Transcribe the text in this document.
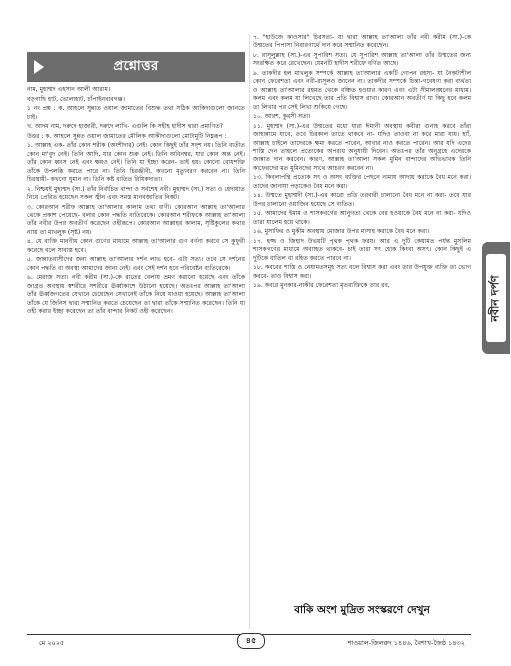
প্রশ্নোত্তর

নাম, মুহাম্মদ এহসান আলী আরাম।

বড়গাছি হাট, ভোলাহাট, চাঁপাইনবাবগঞ্জ।

১ নং প্রশ্ন : ক. আহলে সুন্নাত ওয়াল জামাতের বিশুদ্ধ তথা সঠিক আকিদাগুলো জানতে চাই।

খ. আদম নাম, দরুদে হাজারী, দরুদে লাখি- এগুলি কি সহীহ হাদীস দ্বারা প্রমাণিত?

উত্তর : ক. আহলে সুন্নত ওয়াল জামাতের মৌলিক আকীদাগুলো মোটামুটি নিম্নরূপ :

১. আল্লাহ এক- তাঁর কোন শরীক (অংশীদার) নেই। কোন কিছুই তাঁর সদৃশ নয়। তিনি ব্যতীত কোন মা'বুদ নেই। তিনি আদি, যার কোন শুরু নেই। তিনি অবিনশ্বর, যার কোন অন্ত নেই। তাঁর কোন ধ্বংস নেই এবং ক্ষয়ও নেই। তিনি যা ইচ্ছা করেন- তাই হয়। কোনো বোধশক্তি তাঁকে উপলব্ধি করতে পারে না। তিনি চিরঞ্জীবী, কখনো মৃত্যুবরণ করবেন না। তিনি চিরস্থায়ী- কখনো ঘুমান না। তিনি কষ্ট ব্যতিত রিযিকদাতা।

২. নিশ্চয়ই মুহাম্মদ (সা.) তাঁর নির্বাচিত বান্দা ও সর্বশেষ নবী। মুহাম্মদ (সা.) সত্য ও হেদায়াত নিয়ে প্রেরিত হয়েছেন সকল জ্বীন এবং সমস্ত মানবজাতির নিকট।

৩. কোরআন শরীফ আল্লাহ তা'আলার কালাম তথা বাণী। কোরআন আল্লাহ তা'আলার থেকে প্রকাশ পেয়েছে- বলার কোন পদ্ধতি ব্যতিরেকে। কোরআন শরীফকে আল্লাহ তা'আলা তাঁর নবীর উপর অবতীর্ণ করেছেন ওহীরূপে। কোরআন আল্লাহর কালাম, সৃষ্টিকুলের কথার ন্যায় তা মাখলুক (সৃষ্ট) নয়।

৪. যে ব্যক্তি মানবীয় কোন গুণের মাধ্যমে আল্লাহ তা'আলার গুণ বর্ণনা করবে সে কুফুরী করেছে বলে সাব্যস্ত হবে।

৫. জান্নাতবাসীদের জন্য আল্লাহ তা'আলার দর্শন লাভ হবে- এটা সত্য। তবে সে দর্শনের কোন পদ্ধতি বা অবস্থা আমাদের জানা নেই। এবং সেই দর্শন হবে পরিবেষ্টন ব্যতিরেকে।

৬. মেরাজ সত্য। নবী করীম (সা.)-কে রাতের বেলায় ভ্রমণ করানো হয়েছে এবং তাঁকে জাগ্রত অবস্থায় স্বশরীরে সশরীরে ঊর্ধ্বাকাশে উঠানো হয়েছে। অতঃপর আল্লাহ তা'আলা তাঁর ঊর্ধ্বজগতের যেখানে চেয়েছেন সেখানেই তাঁকে নিয়ে যাওয়া হয়েছে। আল্লাহ তা'আলা তাঁকে যে জিনিস দ্বারা সম্মানিত করতে চেয়েছেন তা দ্বারা তাঁকে সম্মানিত করেছেন। তিনি যা ওহী করার ইচ্ছা করেছেন তা তাঁর বান্দার নিকট ওহী করেছেন।

৭. "হাউজে কাওসার" চিরসত্য- যা দ্বারা আল্লাহ তা'আলা তাঁর নবী করীম (সা.)-কে উম্মতের পিপাসা নিবারণার্থে দান করে সম্মানিত করেছেন।

৮. রাসূলুল্লাহ (সা.)-এর সুপারিশ সত্য। যে সুপারিশ আল্লাহ তা'আলা তাঁর উম্মতের জন্য সংরক্ষিত করে রেখেছেন। যেমনটি হাদীস শরীফে বর্ণিত আছে।

৯. তাকদীর হল মাখলুক সম্পর্কে আল্লাহ তা'আলার একটি গোপন রহস্য- যা নৈকট্যশীল কোন ফেরেশতা এবং নবী-রাসূলও জানেন না। তাকদীর সম্পর্কে চিন্তা-গবেষণা করা ব্যর্থতা ও আল্লাহ তা'আলার রহমত থেকে বঞ্চিত হওয়ার কারণ এবং এটা সীমালঙ্ঘনের মাধ্যম। কলম এবং কলম যা লিখেছে তার প্রতি বিশ্বাস রাখা। কোরআন অবতীর্ণ যা কিছু হবে কলম তা লিখার পর সেই লিখা শুকিয়ে গেছে।

১০. আরশ, কুরসী সত্য।

১১. মুহাম্মদ (সা.)-এর উম্মতের মধ্যে যারা ঈমানী অবস্থায় কবীরা গুনাহ করবে তাঁরা জাহান্নামে যাবে, তবে চিরকাল তাতে থাকবে না- যদিও তাওবা না করে মারা যায়। হ্যাঁ, আল্লাহ চাইলে তাদেরকে ক্ষমা করতে পারেন, আবার নাও করতে পারেন। আর যদি এদের শাস্তি দেন তাহলে প্রত্যেকের অপরাধ অনুযায়ী দিবেন। অতঃপর তাঁর অনুগ্রহে এদেরকে জান্নাত দান করবেন। কারণ, আল্লাহ তা'আলা সকল মুমিন বান্দাদের অভিভাবক তিনি কাফেরদের মত মুমিনদের সাথে আচরণ করবেন না।

১৩. কিবলাপন্থি প্রত্যেক সৎ ও অসৎ ব্যক্তির পেছনে নামায আদায় করাকে বৈধ মনে করা। তাদের জানাযা পড়াকেও বৈধ মনে করা।

১৪. উম্মতে মুহাম্মদী (সা.)-এর কারো প্রতি তরবারী চালানো বৈধ মনে না করা- তবে যার উপর চালানো ওয়াজিব হয়েছে সে ব্যতিত।

১৫. আমাদের ইমাম ও শাসকবর্গের আনুগত্য থেকে বের হওয়াকে বৈধ মনে না করা- যদিও তারা যালেম হয়ে থাকে।

১৬. মুসাফির ও মুকীম অবস্থায় মোজার উপর মাসাহ করাকে বৈধ মনে করা।

১৭. হজ্জ ও জিহাদ উভয়টি পৃথক পৃথক ফরয। আর এ দুটি কেয়ামত পর্যন্ত মুসলিম শাসকগণের মাধ্যমে অব্যাহত থাকবে- চাই তারা সৎ হোক কিংবা অসৎ। কোন কিছুই এ দুটিকে বাতিল বা রহিত করতে পারবে না।

১৮. কবরের শাস্তি ও নেয়ামতসমূহ সত্য বলে বিশ্বাস করা এবং তার উপযুক্ত ব্যক্তি তা ভোগ করবে- তাও বিশ্বাস করা।

১৯. কবরে মুনকার-নাকীর ফেরেশতা মৃতব্যক্তিকে তার রব,

বাকি অংশ মুদ্রিত সংস্করণে দেখুন
নবীন দর্পণ
মে ২০২৫	৪৫	শাওয়াল-জিলক্বদ ১৪৪৬, বৈশাখ-জৈষ্ঠ ১৪৩২
